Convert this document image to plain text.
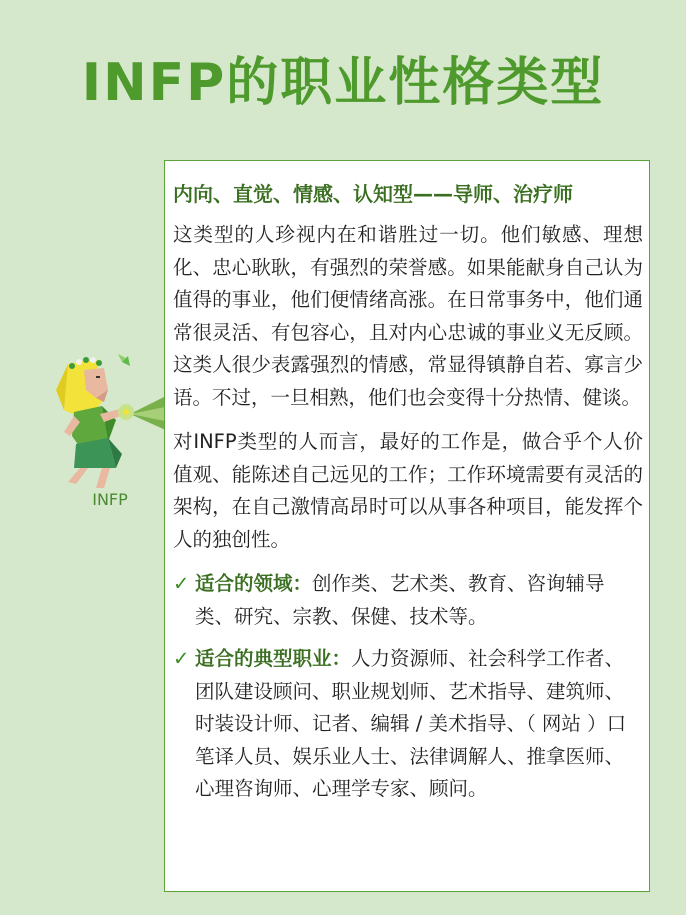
INFP的职业性格类型
INFP
内向、直觉、情感、认知型——导师、治疗师

这类型的人珍视内在和谐胜过一切。他们敏感、理想化、忠心耿耿，有强烈的荣誉感。如果能献身自己认为值得的事业，他们便情绪高涨。在日常事务中，他们通常很灵活、有包容心，且对内心忠诚的事业义无反顾。这类人很少表露强烈的情感，常显得镇静自若、寡言少语。不过，一旦相熟，他们也会变得十分热情、健谈。

对INFP类型的人而言，最好的工作是，做合乎个人价值观、能陈述自己远见的工作；工作环境需要有灵活的架构，在自己激情高昂时可以从事各种项目，能发挥个人的独创性。

✓ 适合的领域：创作类、艺术类、教育、咨询辅导类、研究、宗教、保健、技术等。
✓ 适合的典型职业：人力资源师、社会科学工作者、团队建设顾问、职业规划师、艺术指导、建筑师、时装设计师、记者、编辑 / 美术指导、（ 网站 ）口笔译人员、娱乐业人士、法律调解人、推拿医师、心理咨询师、心理学专家、顾问。
